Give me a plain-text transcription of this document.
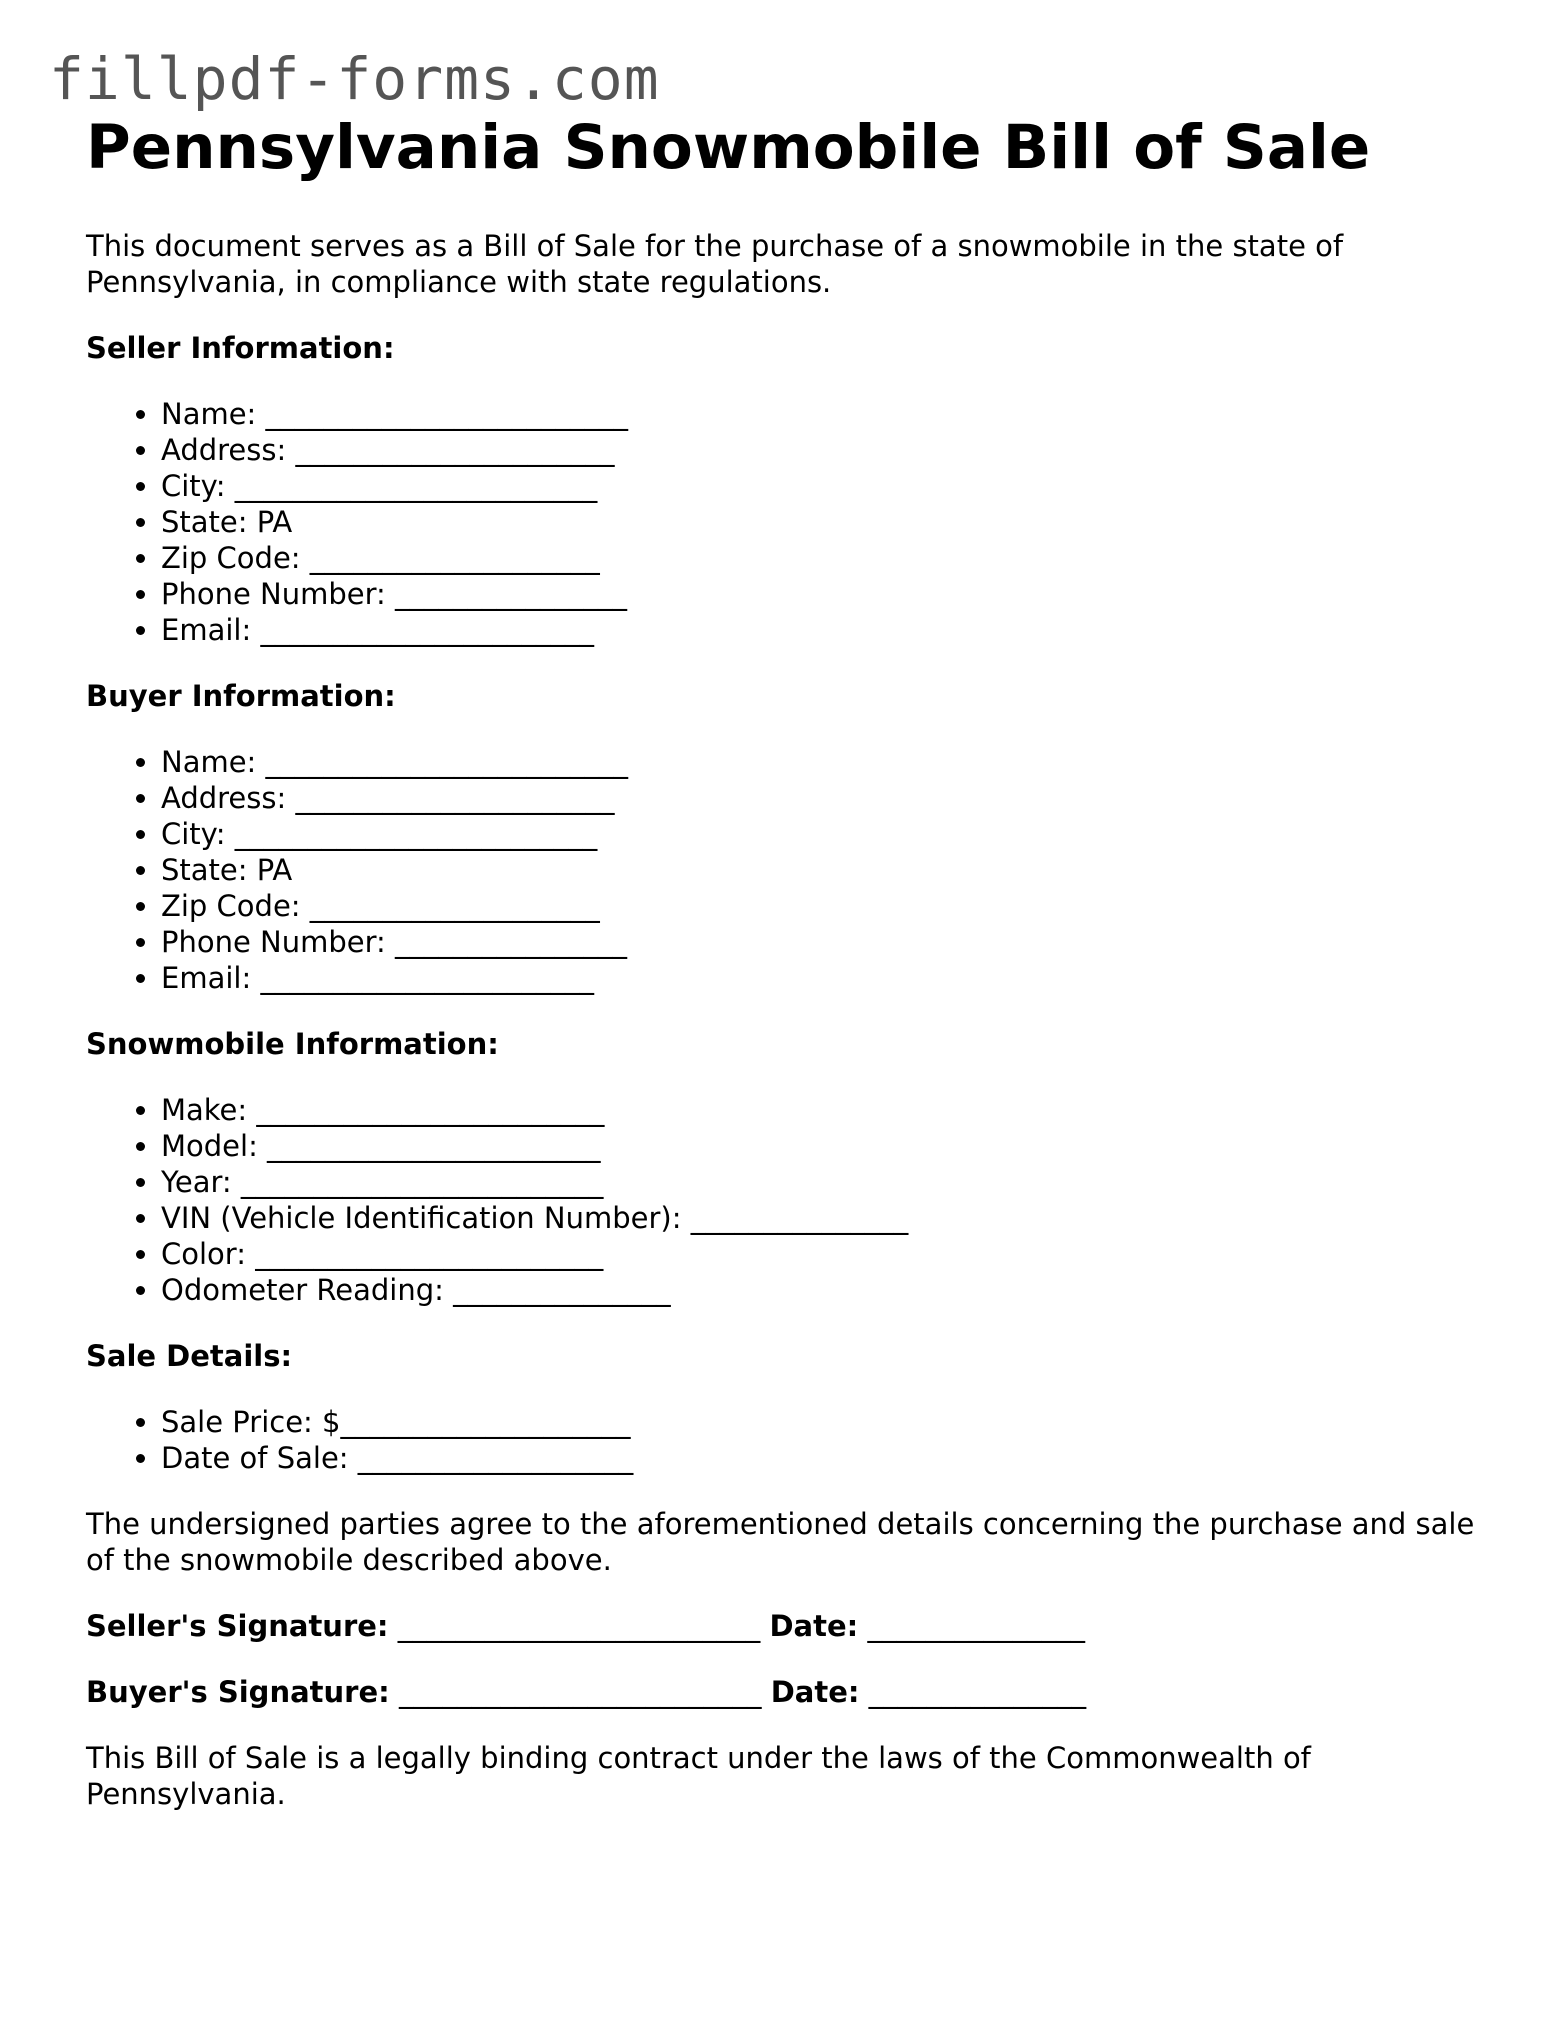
fillpdf-forms.com
Pennsylvania Snowmobile Bill of Sale

This document serves as a Bill of Sale for the purchase of a snowmobile in the state of Pennsylvania, in compliance with state regulations.

Seller Information:
• Name: _________________________
• Address: ______________________
• City: _________________________
• State: PA
• Zip Code: ____________________
• Phone Number: ________________
• Email: _______________________
Buyer Information:
• Name: _________________________
• Address: ______________________
• City: _________________________
• State: PA
• Zip Code: ____________________
• Phone Number: ________________
• Email: _______________________
Snowmobile Information:
• Make: ________________________
• Model: _______________________
• Year: _________________________
• VIN (Vehicle Identification Number): _______________
• Color: ________________________
• Odometer Reading: _______________
Sale Details:
• Sale Price: $____________________
• Date of Sale: ___________________

The undersigned parties agree to the aforementioned details concerning the purchase and sale of the snowmobile described above.

Seller's Signature: _________________________ Date: _______________
Buyer's Signature: _________________________ Date: _______________

This Bill of Sale is a legally binding contract under the laws of the Commonwealth of Pennsylvania.
